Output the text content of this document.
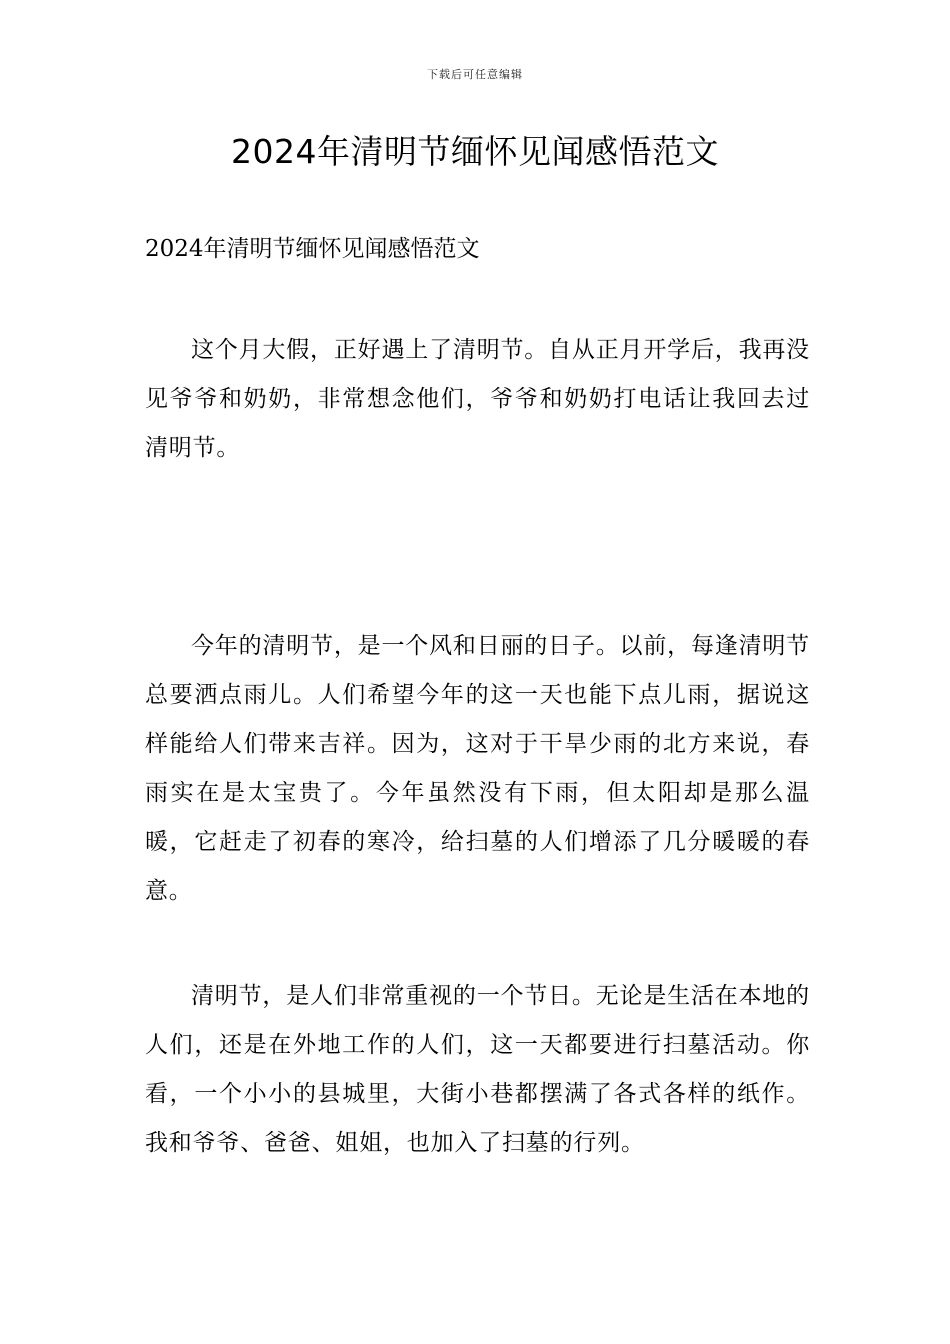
下载后可任意编辑
2024年清明节缅怀见闻感悟范文
2024年清明节缅怀见闻感悟范文

这个月大假，正好遇上了清明节。自从正月开学后，我再没见爷爷和奶奶，非常想念他们，爷爷和奶奶打电话让我回去过清明节。

今年的清明节，是一个风和日丽的日子。以前，每逢清明节总要洒点雨儿。人们希望今年的这一天也能下点儿雨，据说这样能给人们带来吉祥。因为，这对于干旱少雨的北方来说，春雨实在是太宝贵了。今年虽然没有下雨，但太阳却是那么温暖，它赶走了初春的寒冷，给扫墓的人们增添了几分暖暖的春意。

清明节，是人们非常重视的一个节日。无论是生活在本地的人们，还是在外地工作的人们，这一天都要进行扫墓活动。你看，一个小小的县城里，大街小巷都摆满了各式各样的纸作。我和爷爷、爸爸、姐姐，也加入了扫墓的行列。
